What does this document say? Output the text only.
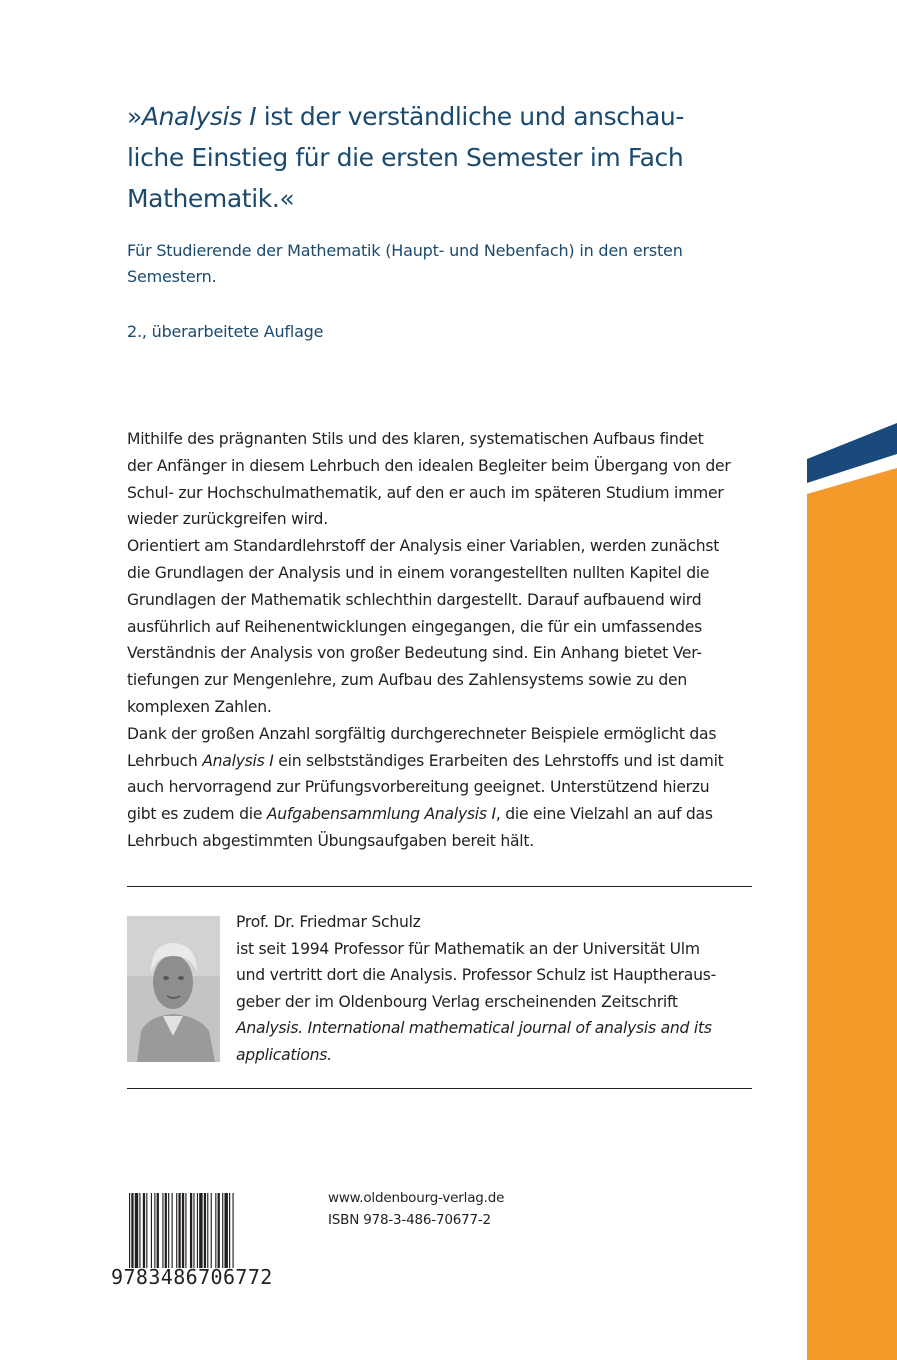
»Analysis I ist der verständliche und anschau-
liche Einstieg für die ersten Semester im Fach
Mathematik.«
Für Studierende der Mathematik (Haupt- und Nebenfach) in den ersten
Semestern.
2., überarbeitete Auflage
Mithilfe des prägnanten Stils und des klaren, systematischen Aufbaus findet
der Anfänger in diesem Lehrbuch den idealen Begleiter beim Übergang von der
Schul- zur Hochschulmathematik, auf den er auch im späteren Studium immer
wieder zurückgreifen wird.
Orientiert am Standardlehrstoff der Analysis einer Variablen, werden zunächst
die Grundlagen der Analysis und in einem vorangestellten nullten Kapitel die
Grundlagen der Mathematik schlechthin dargestellt. Darauf aufbauend wird
ausführlich auf Reihenentwicklungen eingegangen, die für ein umfassendes
Verständnis der Analysis von großer Bedeutung sind. Ein Anhang bietet Ver-
tiefungen zur Mengenlehre, zum Aufbau des Zahlensystems sowie zu den
komplexen Zahlen.
Dank der großen Anzahl sorgfältig durchgerechneter Beispiele ermöglicht das
Lehrbuch Analysis I ein selbstständiges Erarbeiten des Lehrstoffs und ist damit
auch hervorragend zur Prüfungsvorbereitung geeignet. Unterstützend hierzu
gibt es zudem die Aufgabensammlung Analysis I, die eine Vielzahl an auf das
Lehrbuch abgestimmten Übungsaufgaben bereit hält.
Prof. Dr. Friedmar Schulz
ist seit 1994 Professor für Mathematik an der Universität Ulm
und vertritt dort die Analysis. Professor Schulz ist Hauptheraus-
geber der im Oldenbourg Verlag erscheinenden Zeitschrift
Analysis. International mathematical journal of analysis and its
applications.
9783486706772
www.oldenbourg-verlag.de
ISBN 978-3-486-70677-2
